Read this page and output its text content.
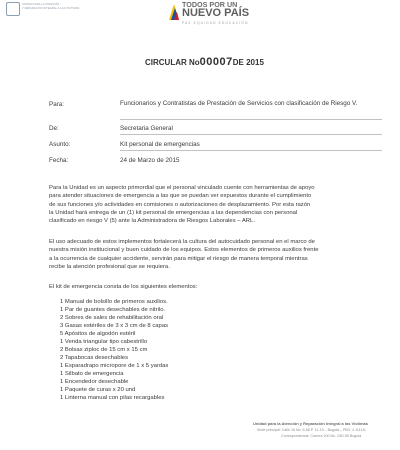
UNIDAD PARA LA ATENCIÓN
Y REPARACIÓN INTEGRAL A LAS VÍCTIMAS	TODOS POR UN
NUEVO PAÍS
PAZ EQUIDAD EDUCACIÓN
CIRCULAR No00007DE 2015
Para:	Funcionarios y Contratistas de Prestación de Servicios con clasificación de Riesgo V.
De:	Secretaria General
Asunto:	Kit personal de emergencias
Fecha:	24 de Marzo de 2015
Para la Unidad es un aspecto primordial que el personal vinculado cuente con herramientas de apoyo
para atender situaciones de emergencia a las que se puedan ver expuestos durante el cumplimiento
de sus funciones y/o actividades en comisiones o autorizaciones de desplazamiento. Por esta razón
la Unidad hará entrega de un (1) kit personal de emergencias a las dependencias con personal
clasificado en riesgo V (5) ante la Administradora de Riesgos Laborales – ARL.
El uso adecuado de estos implementos fortalecerá la cultura del autocuidado personal en el marco de
nuestra misión institucional y buen cuidado de los equipos. Estos elementos de primeros auxilios frente
a la ocurrencia de cualquier accidente, servirán para mitigar el riesgo de manera temporal mientras
recibe la atención profesional que se requiera.
El kit de emergencia consta de los siguientes elementos:
1 Manual de bolsillo de primeros auxilios.
1 Par de guantes desechables de nitrilo.
2 Sobres de sales de rehabilitación oral
3 Gasas estériles de 3 x 3 cm de 8 capas
5 Apósitos de algodón estéril
1 Venda triangular tipo cabestrillo
2 Bolsas ziploc de 15 cm x 15 cm
2 Tapabocas desechables
1 Esparadrapo micropore de 1 x 5 yardas
1 Silbato de emergencia
1 Encendedor desechable
1 Paquete de curas x 20 und
1 Linterna manual con pilas recargables
Unidad para la Atención y Reparación Integral a las Víctimas
Sede principal: Calle 16 No. 6-66 P. 11-19 – Bogotá – PBX: 4 111111
Correspondencia: Carrera 100 No. 24D-55 Bogotá
